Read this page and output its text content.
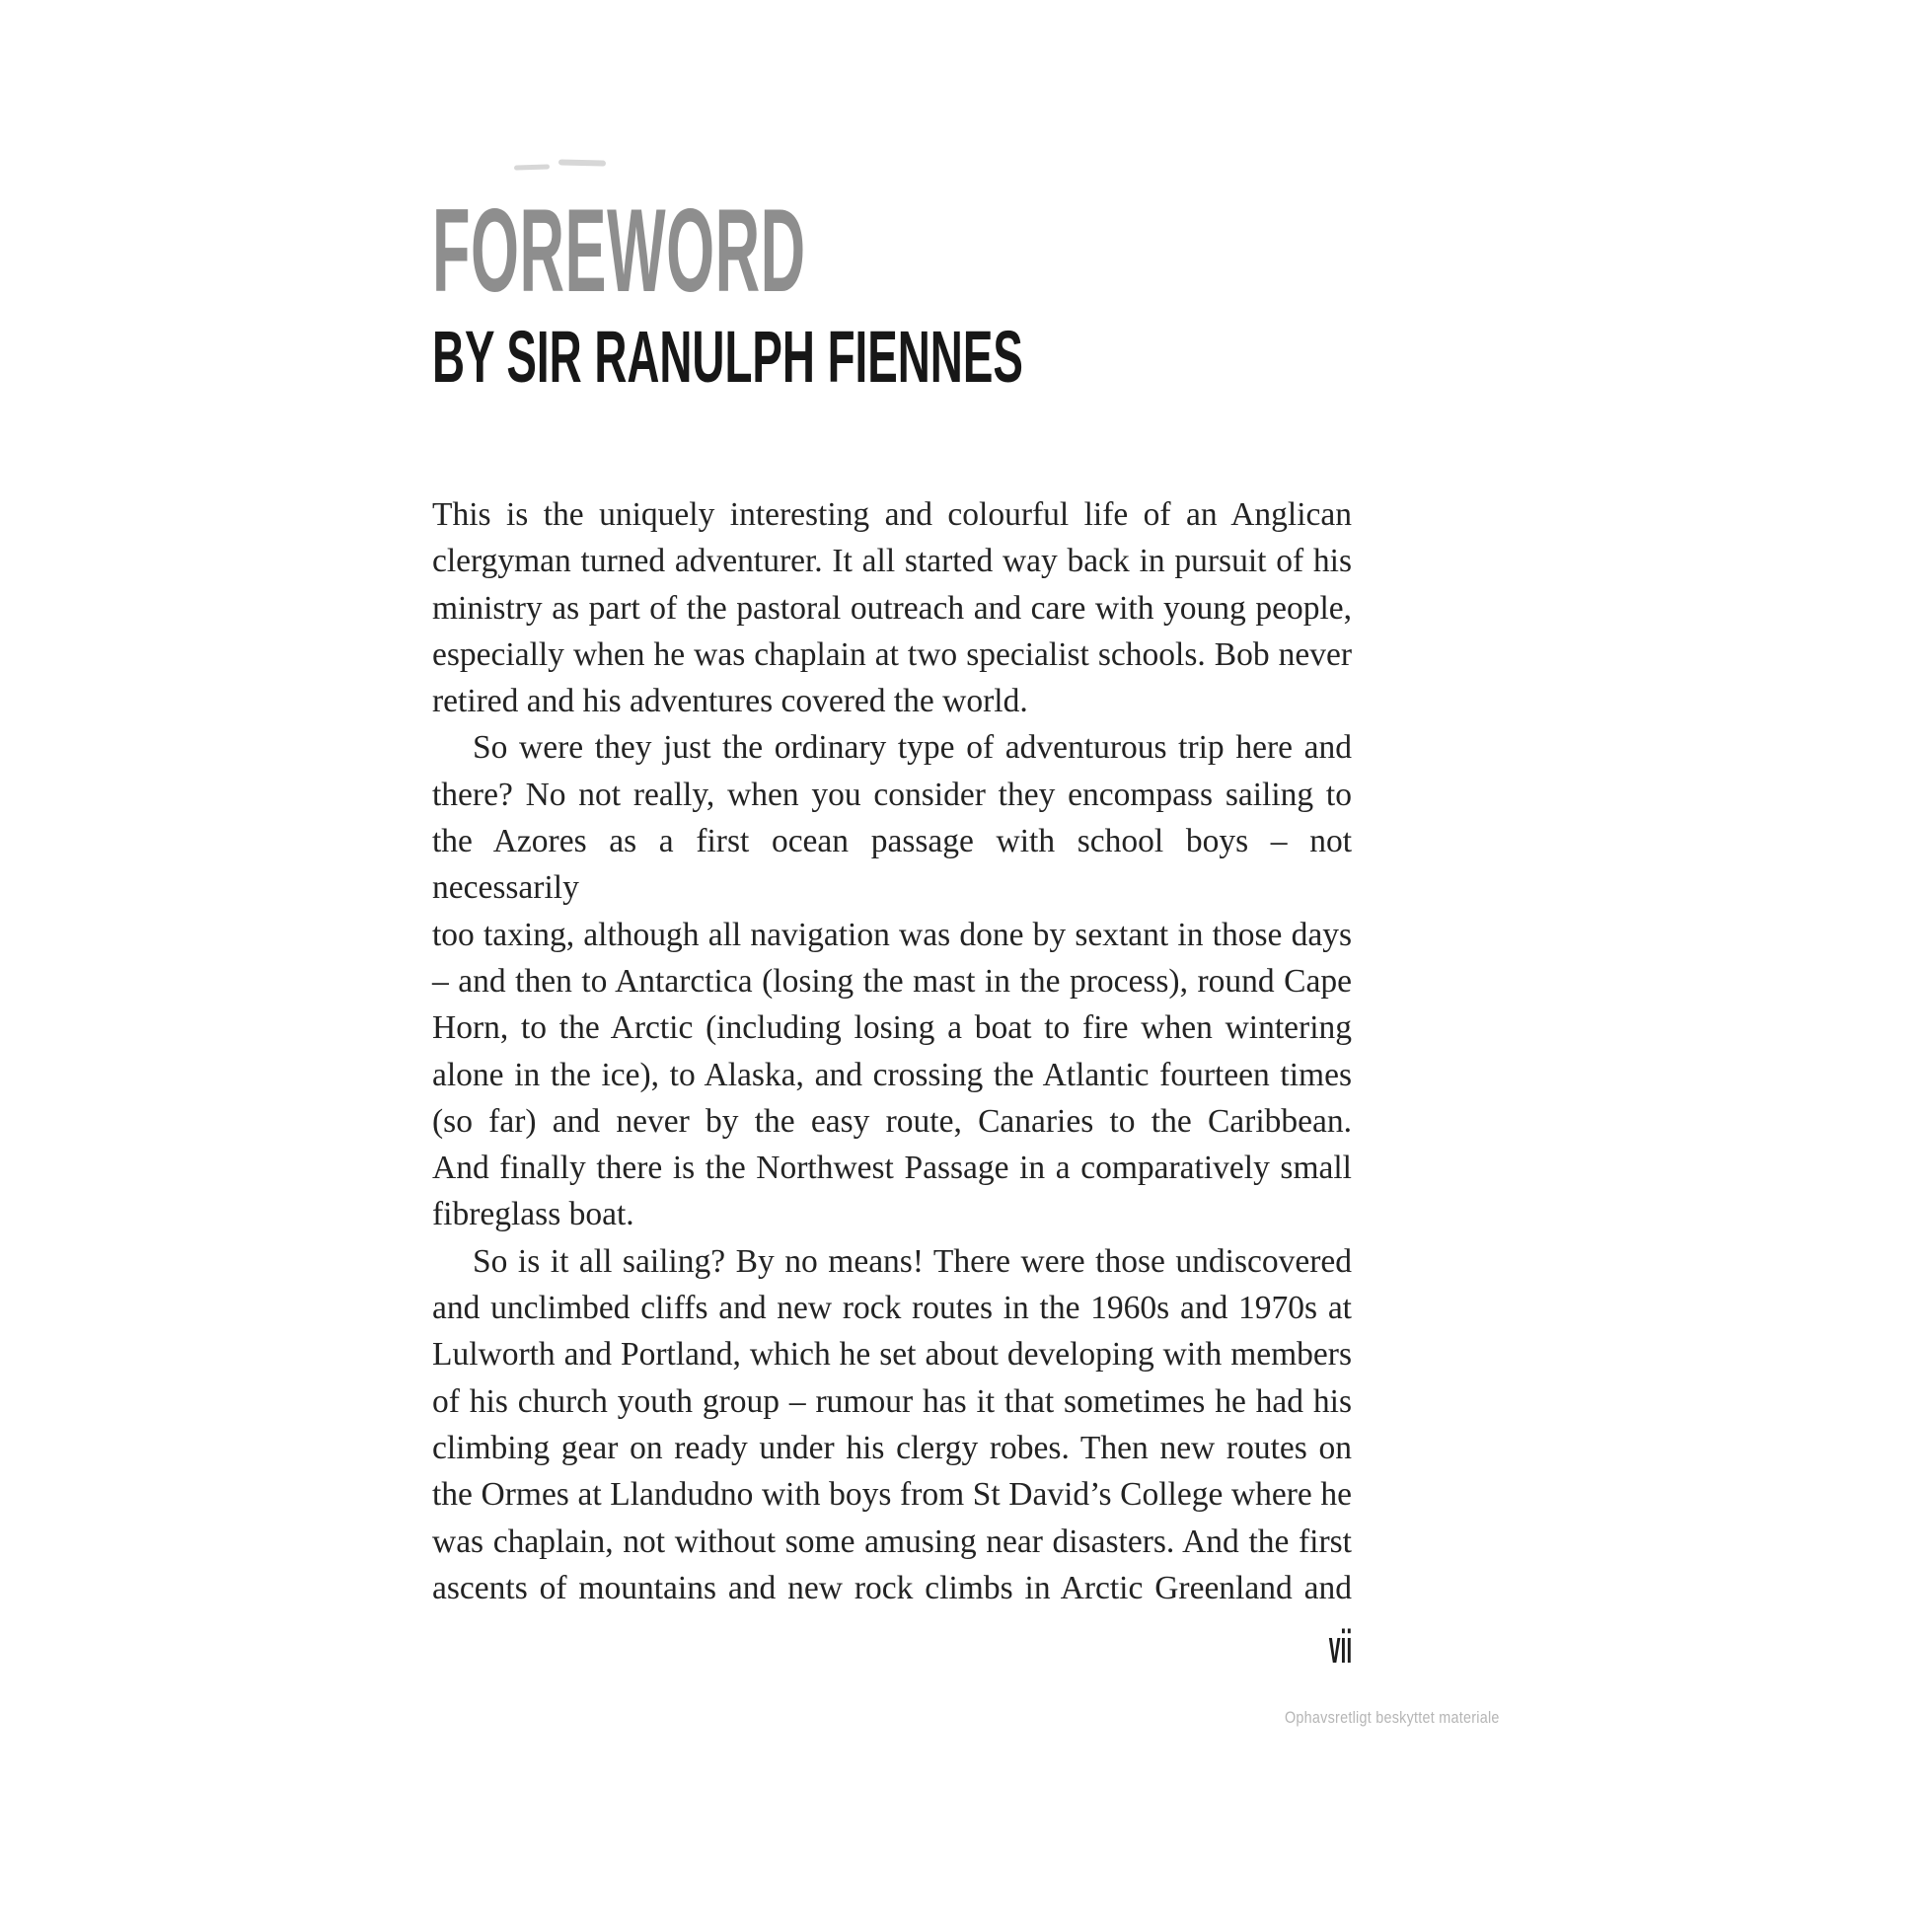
FOREWORD
BY SIR RANULPH FIENNES
This is the uniquely interesting and colourful life of an Anglican
clergyman turned adventurer. It all started way back in pursuit of his
ministry as part of the pastoral outreach and care with young people,
especially when he was chaplain at two specialist schools. Bob never
retired and his adventures covered the world.
So were they just the ordinary type of adventurous trip here and
there? No not really, when you consider they encompass sailing to
the Azores as a first ocean passage with school boys – not necessarily
too taxing, although all navigation was done by sextant in those days
– and then to Antarctica (losing the mast in the process), round Cape
Horn, to the Arctic (including losing a boat to fire when wintering
alone in the ice), to Alaska, and crossing the Atlantic fourteen times
(so far) and never by the easy route, Canaries to the Caribbean.
And finally there is the Northwest Passage in a comparatively small
fibreglass boat.
So is it all sailing? By no means! There were those undiscovered
and unclimbed cliffs and new rock routes in the 1960s and 1970s at
Lulworth and Portland, which he set about developing with members
of his church youth group – rumour has it that sometimes he had his
climbing gear on ready under his clergy robes. Then new routes on
the Ormes at Llandudno with boys from St David’s College where he
was chaplain, not without some amusing near disasters. And the first
ascents of mountains and new rock climbs in Arctic Greenland and
vii
Ophavsretligt beskyttet materiale
